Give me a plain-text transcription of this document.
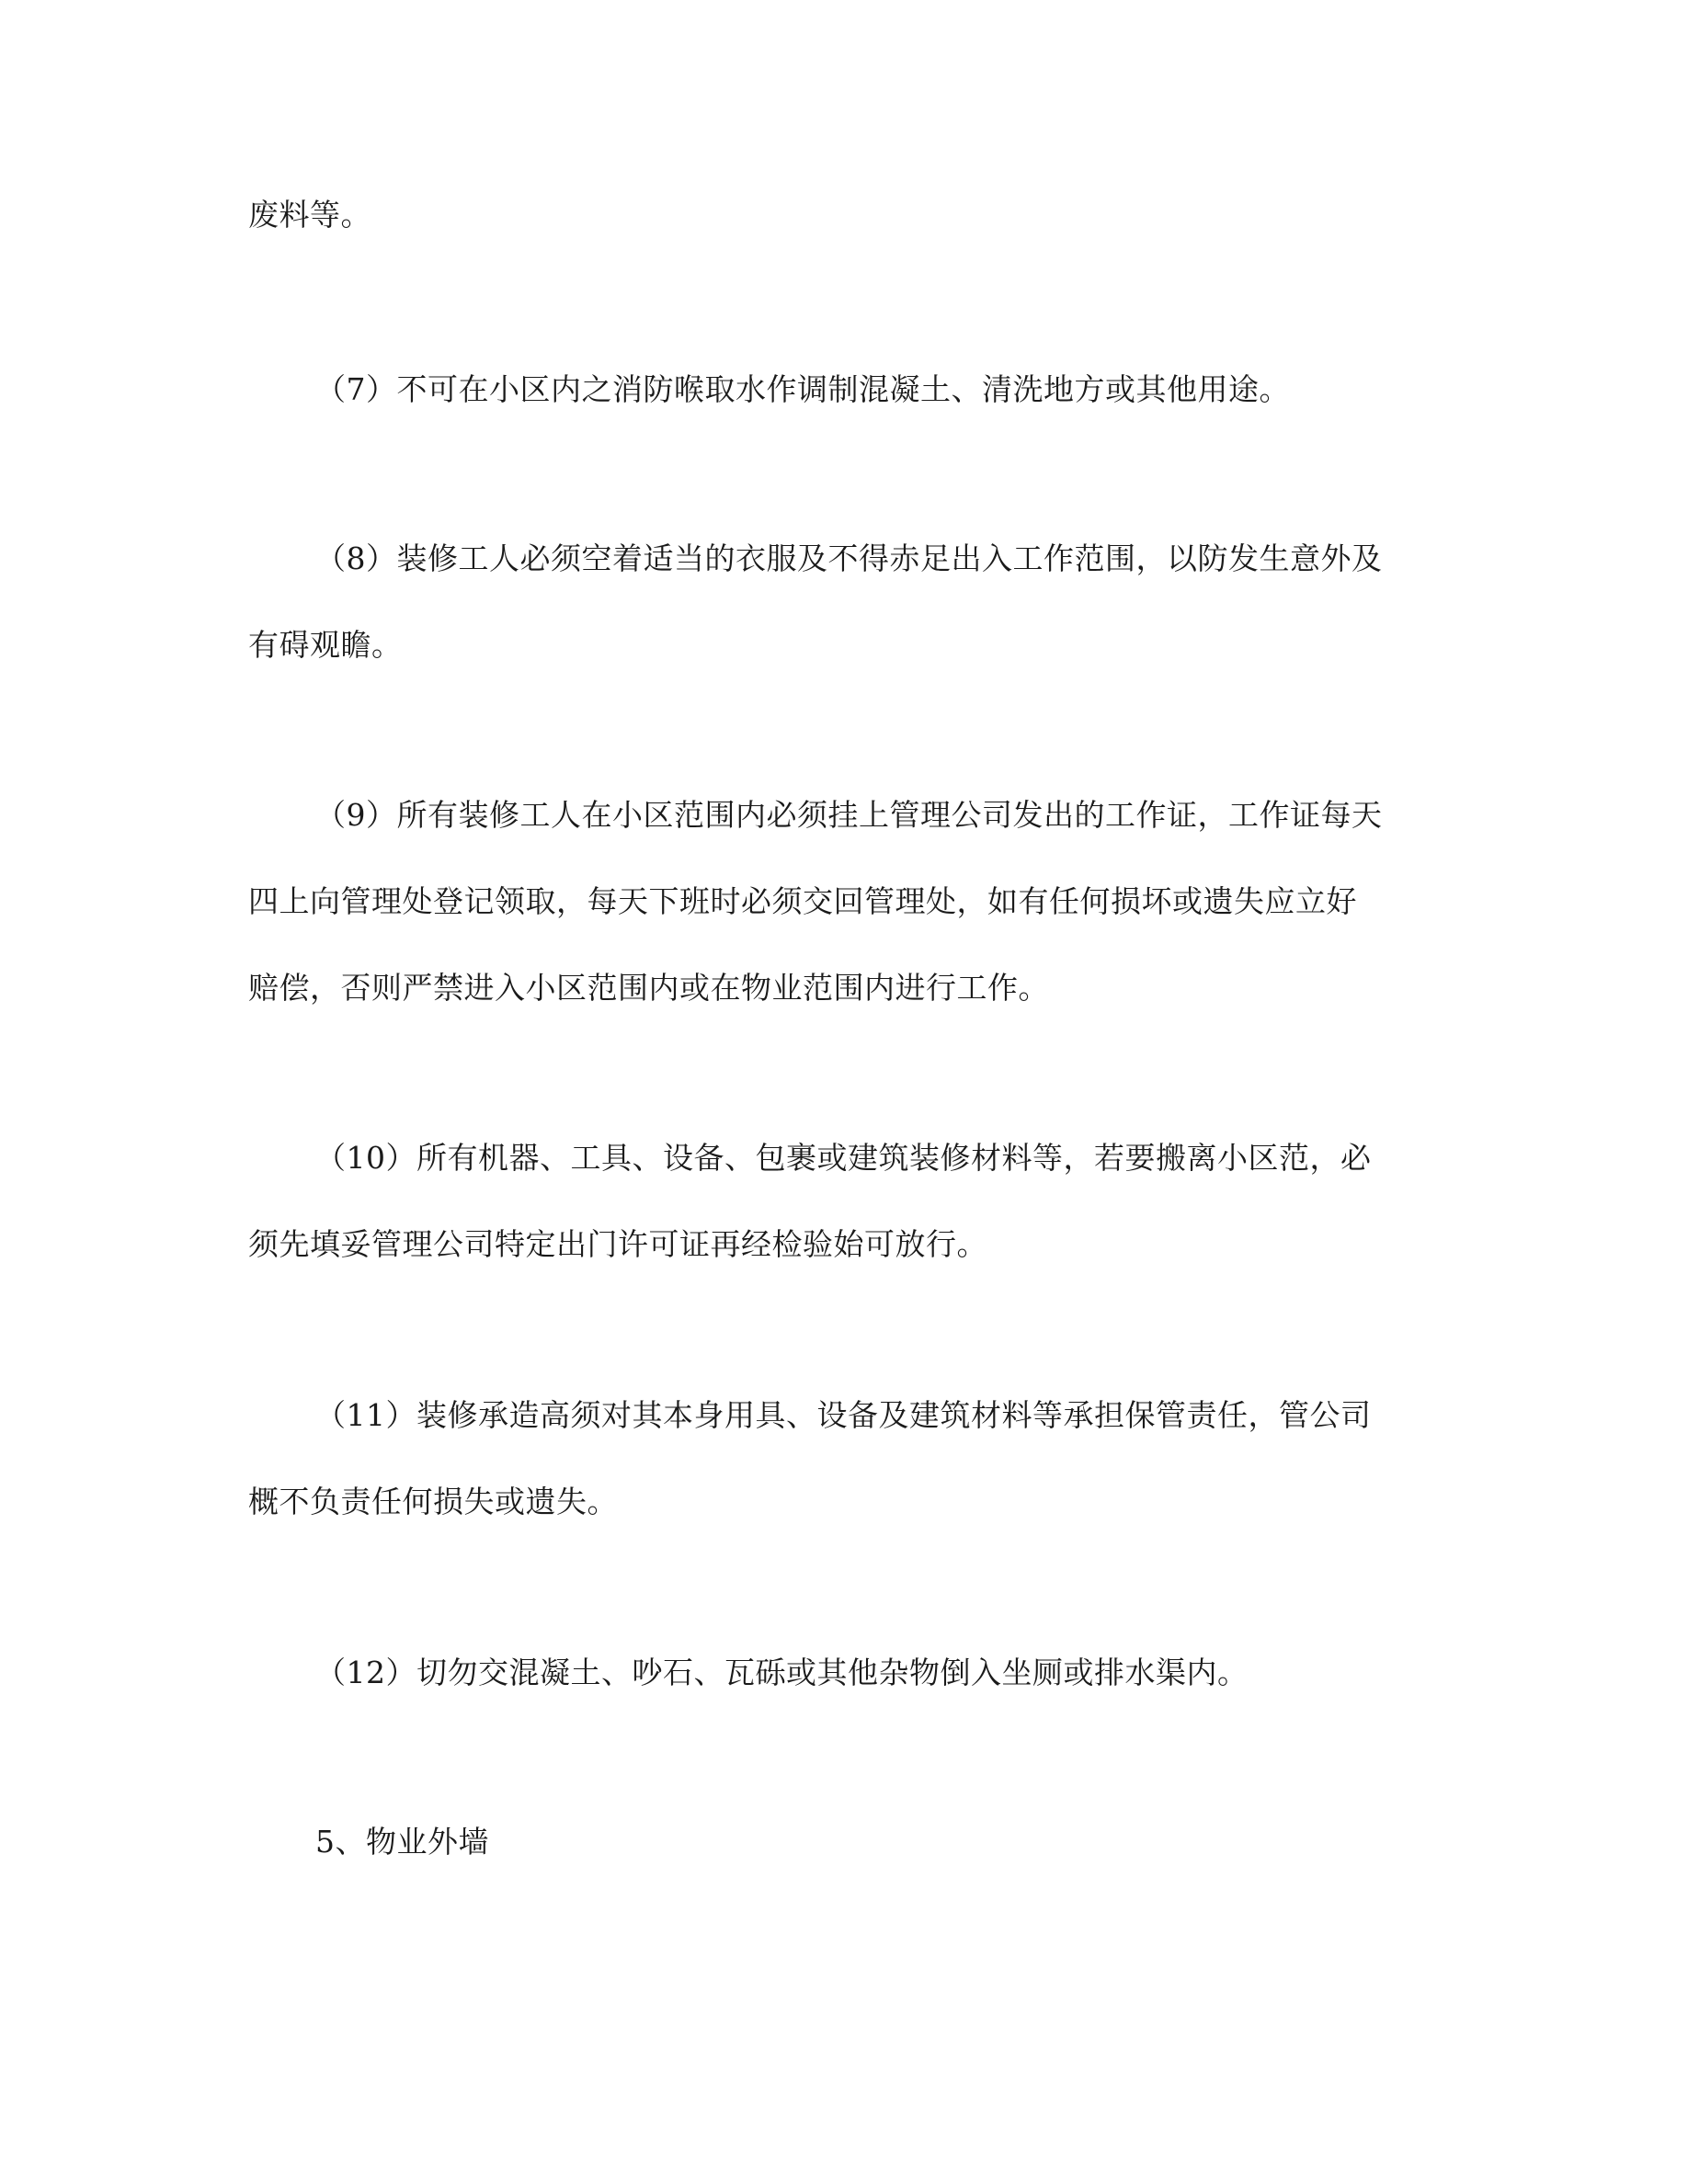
废料等。
（7）不可在小区内之消防喉取水作调制混凝土、清洗地方或其他用途。
（8）装修工人必须空着适当的衣服及不得赤足出入工作范围，以防发生意外及
有碍观瞻。
（9）所有装修工人在小区范围内必须挂上管理公司发出的工作证，工作证每天
四上向管理处登记领取，每天下班时必须交回管理处，如有任何损坏或遗失应立好
赔偿，否则严禁进入小区范围内或在物业范围内进行工作。
（10）所有机器、工具、设备、包裹或建筑装修材料等，若要搬离小区范，必
须先填妥管理公司特定出门许可证再经检验始可放行。
（11）装修承造高须对其本身用具、设备及建筑材料等承担保管责任，管公司
概不负责任何损失或遗失。
（12）切勿交混凝土、吵石、瓦砾或其他杂物倒入坐厕或排水渠内。
5、物业外墙
